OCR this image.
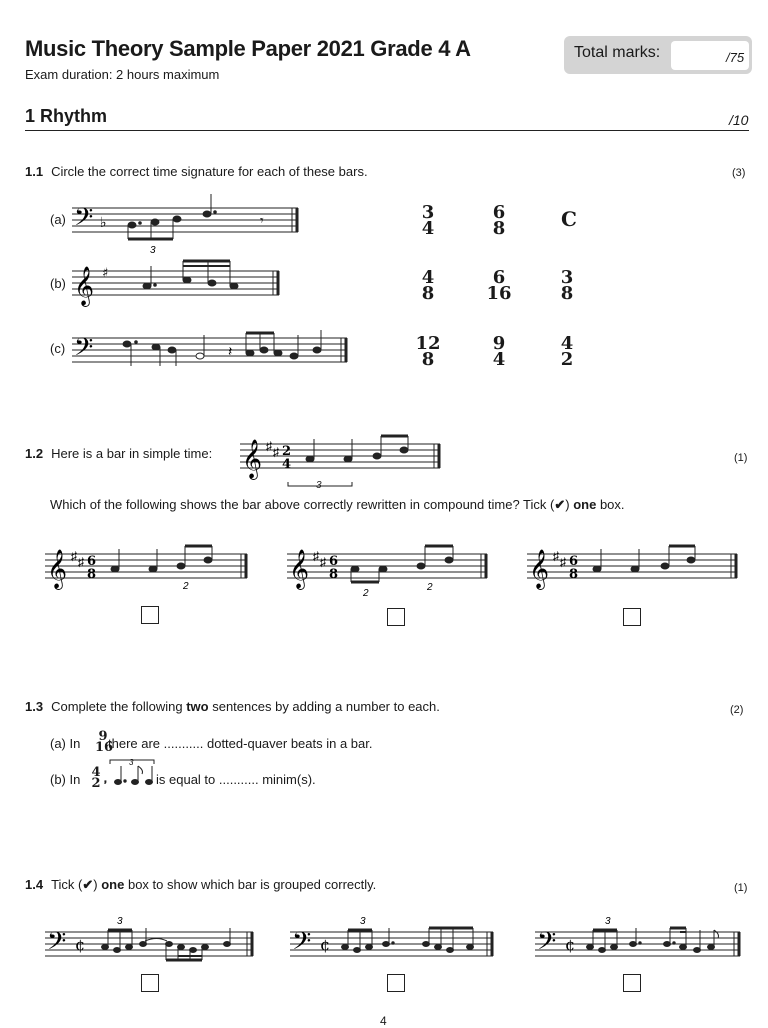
Music Theory Sample Paper 2021 Grade 4 A
Exam duration: 2 hours maximum
Total marks:	/75
1 Rhythm	/10
1.1 Circle the correct time signature for each of these bars.	(3)
(a) 𝄢 ♭
3
𝄾	3
4
6
8	C
(b) 𝄞 ♯	4
8
6
16
3
8
(c) 𝄢	𝄽	12
8
9
4
4
2
1.2 Here is a bar in simple time:	(1)
𝄞 ♯ ♯ 2
4
3
Which of the following shows the bar above correctly rewritten in compound time? Tick (✔) one box.
𝄞 ♯ ♯ 6
8
2	𝄞 ♯ ♯ 6
8
2
2	𝄞 ♯ ♯ 6
8
1.3 Complete the following two sentences by adding a number to each.	(2)
(a) In 9
16
there are ........... dotted-quaver beats in a bar.
(b) In 4
2
3
,	is equal to ........... minim(s).
1.4 Tick (✔) one box to show which bar is grouped correctly.	(1)
𝄢 ¢
3
𝄢 ¢
3
𝄢 ¢
3
4
